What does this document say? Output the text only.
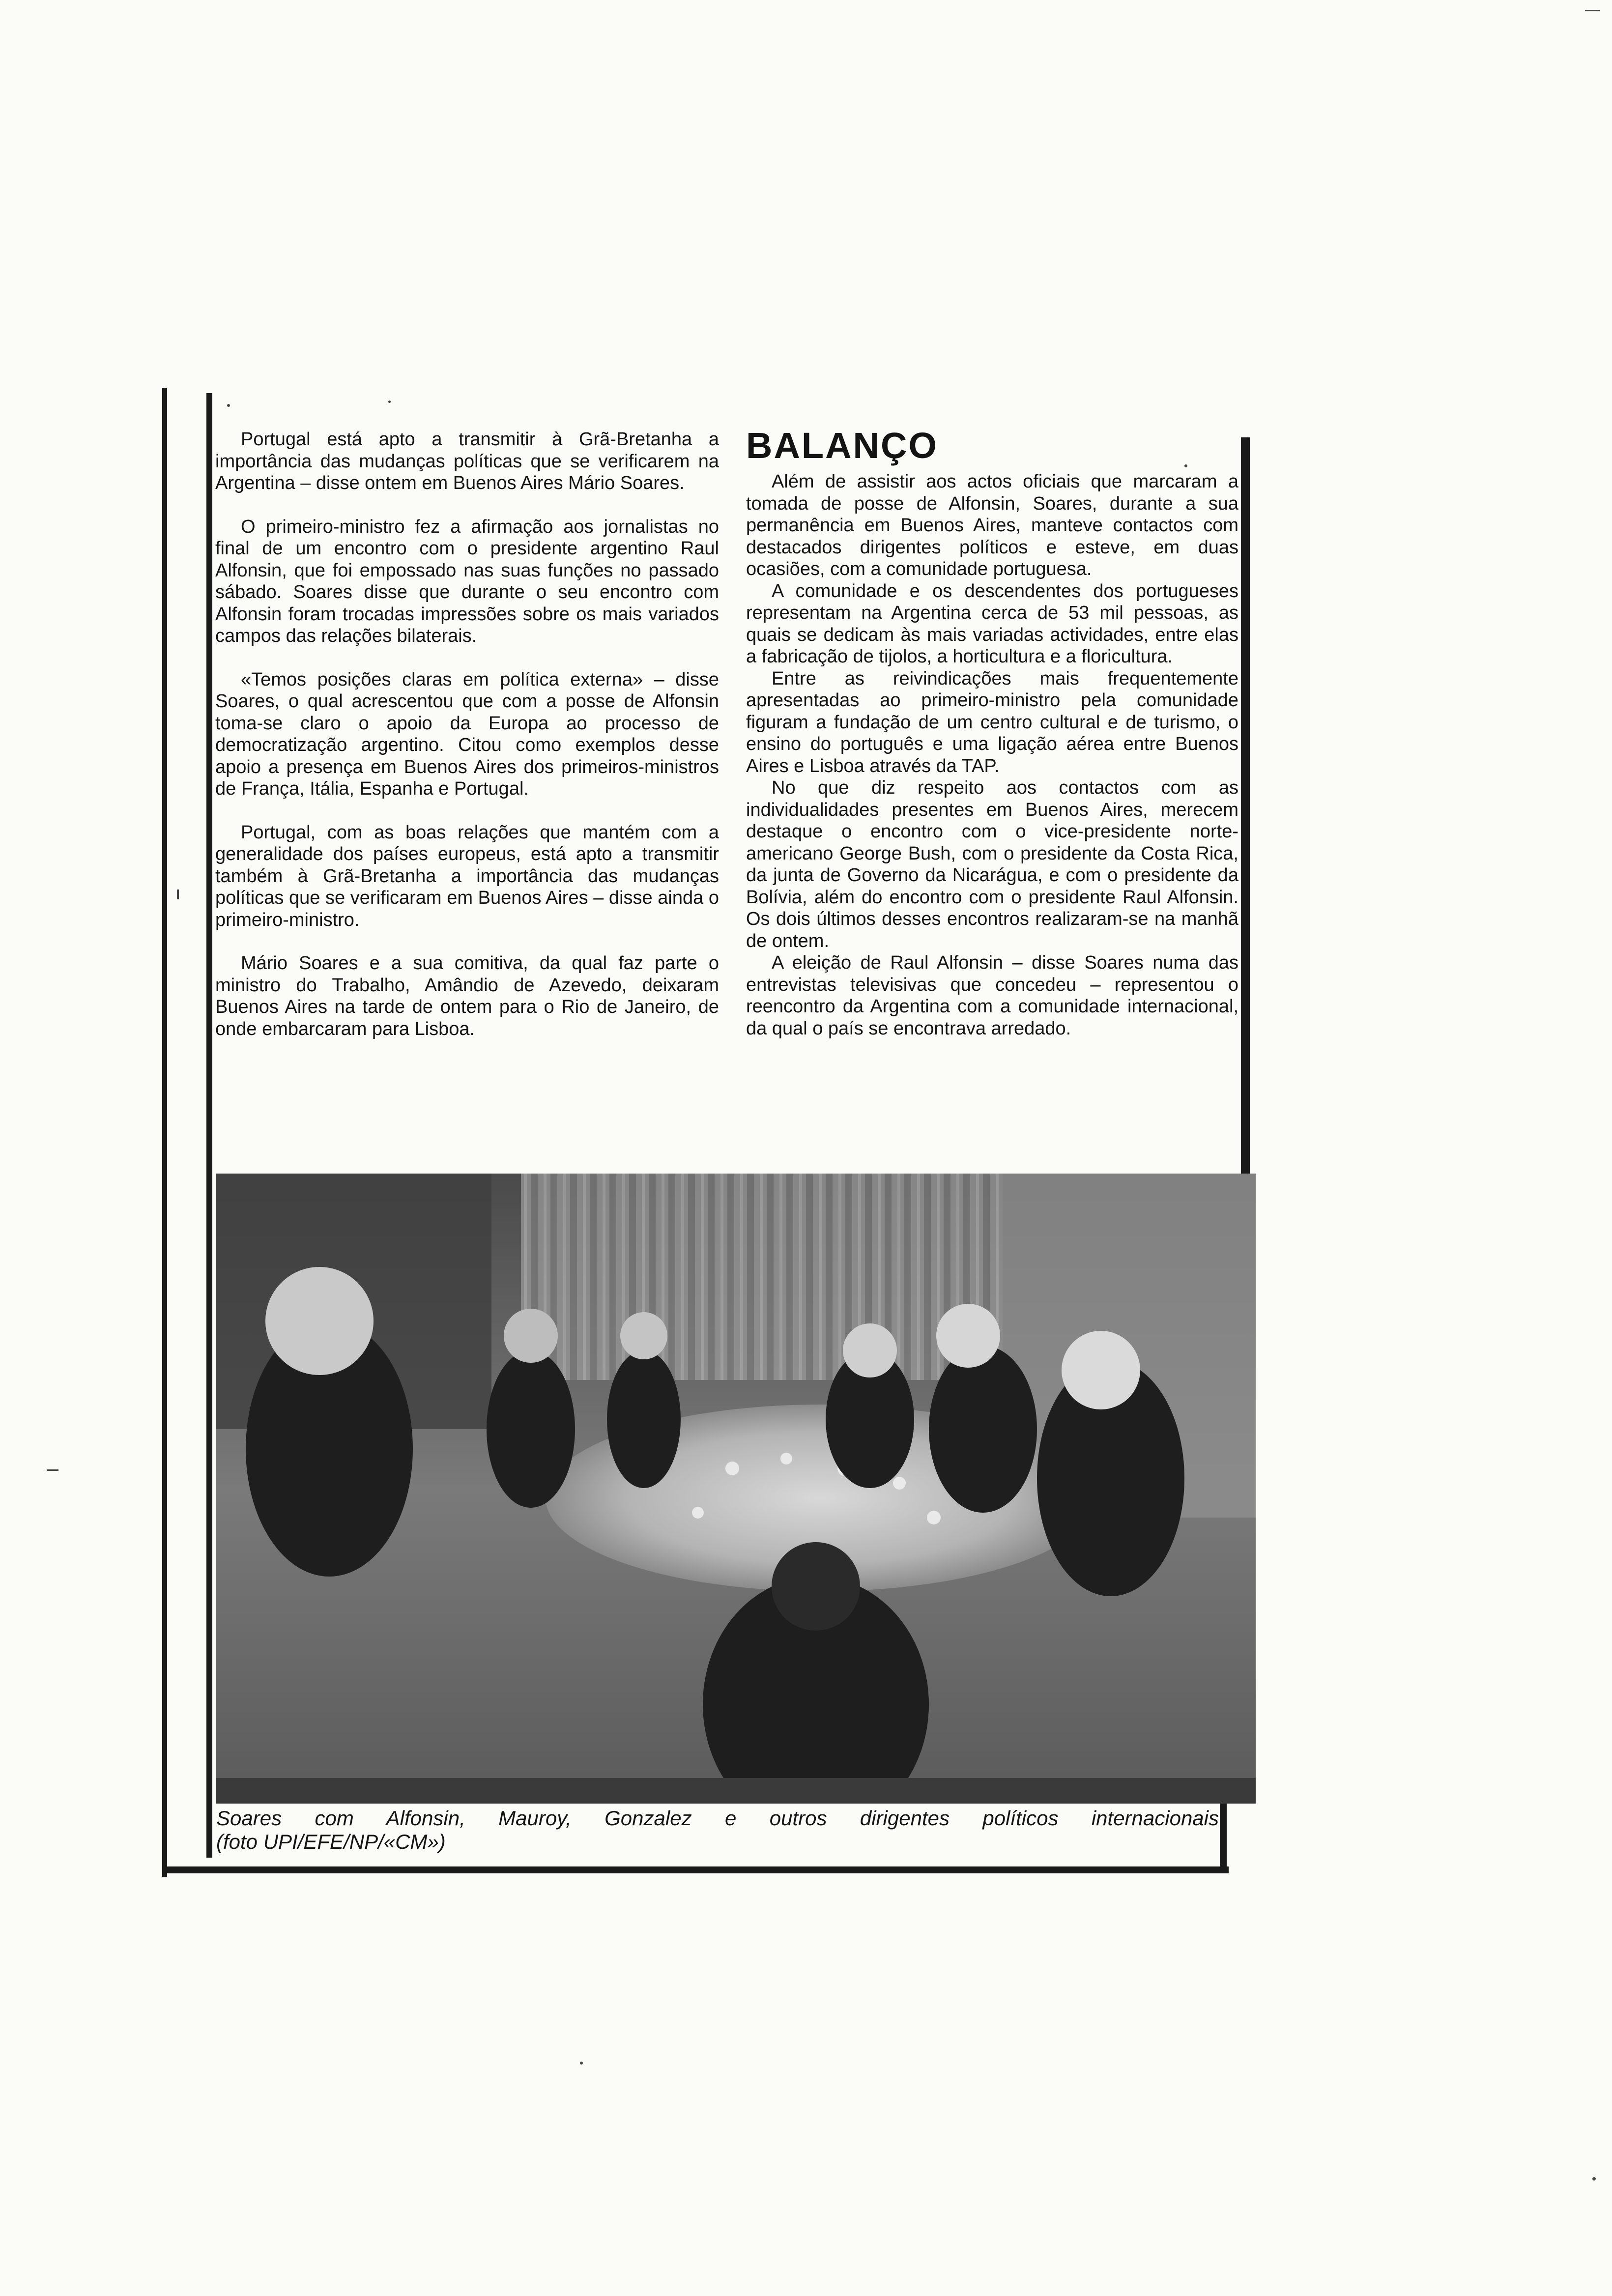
Portugal está apto a transmitir à Grã-Bretanha a importância das mudanças políticas que se verificarem na Argentina – disse ontem em Buenos Aires Mário Soares.

O primeiro-ministro fez a afirmação aos jornalistas no final de um encontro com o presidente argentino Raul Alfonsin, que foi empossado nas suas funções no passado sábado. Soares disse que durante o seu encontro com Alfonsin foram trocadas impressões sobre os mais variados campos das relações bilaterais.

«Temos posições claras em política externa» – disse Soares, o qual acrescentou que com a posse de Alfonsin toma-se claro o apoio da Europa ao processo de democratização argentino. Citou como exemplos desse apoio a presença em Buenos Aires dos primeiros-ministros de França, Itália, Espanha e Portugal.

Portugal, com as boas relações que mantém com a generalidade dos países europeus, está apto a transmitir também à Grã-Bretanha a importância das mudanças políticas que se verificaram em Buenos Aires – disse ainda o primeiro-ministro.

Mário Soares e a sua comitiva, da qual faz parte o ministro do Trabalho, Amândio de Azevedo, deixaram Buenos Aires na tarde de ontem para o Rio de Janeiro, de onde embarcaram para Lisboa.

BALANÇO

Além de assistir aos actos oficiais que marcaram a tomada de posse de Alfonsin, Soares, durante a sua permanência em Buenos Aires, manteve contactos com destacados dirigentes políticos e esteve, em duas ocasiões, com a comunidade portuguesa.

A comunidade e os descendentes dos portugueses representam na Argentina cerca de 53 mil pessoas, as quais se dedicam às mais variadas actividades, entre elas a fabricação de tijolos, a horticultura e a floricultura.

Entre as reivindicações mais frequentemente apresentadas ao primeiro-ministro pela comunidade figuram a fundação de um centro cultural e de turismo, o ensino do português e uma ligação aérea entre Buenos Aires e Lisboa através da TAP.

No que diz respeito aos contactos com as individualidades presentes em Buenos Aires, merecem destaque o encontro com o vice-presidente norte-americano George Bush, com o presidente da Costa Rica, da junta de Governo da Nicarágua, e com o presidente da Bolívia, além do encontro com o presidente Raul Alfonsin. Os dois últimos desses encontros realizaram-se na manhã de ontem.

A eleição de Raul Alfonsin – disse Soares numa das entrevistas televisivas que concedeu – representou o reencontro da Argentina com a comunidade internacional, da qual o país se encontrava arredado.

Soares com Alfonsin, Mauroy, Gonzalez e outros dirigentes políticos internacionais
(foto UPI/EFE/NP/«CM»)
